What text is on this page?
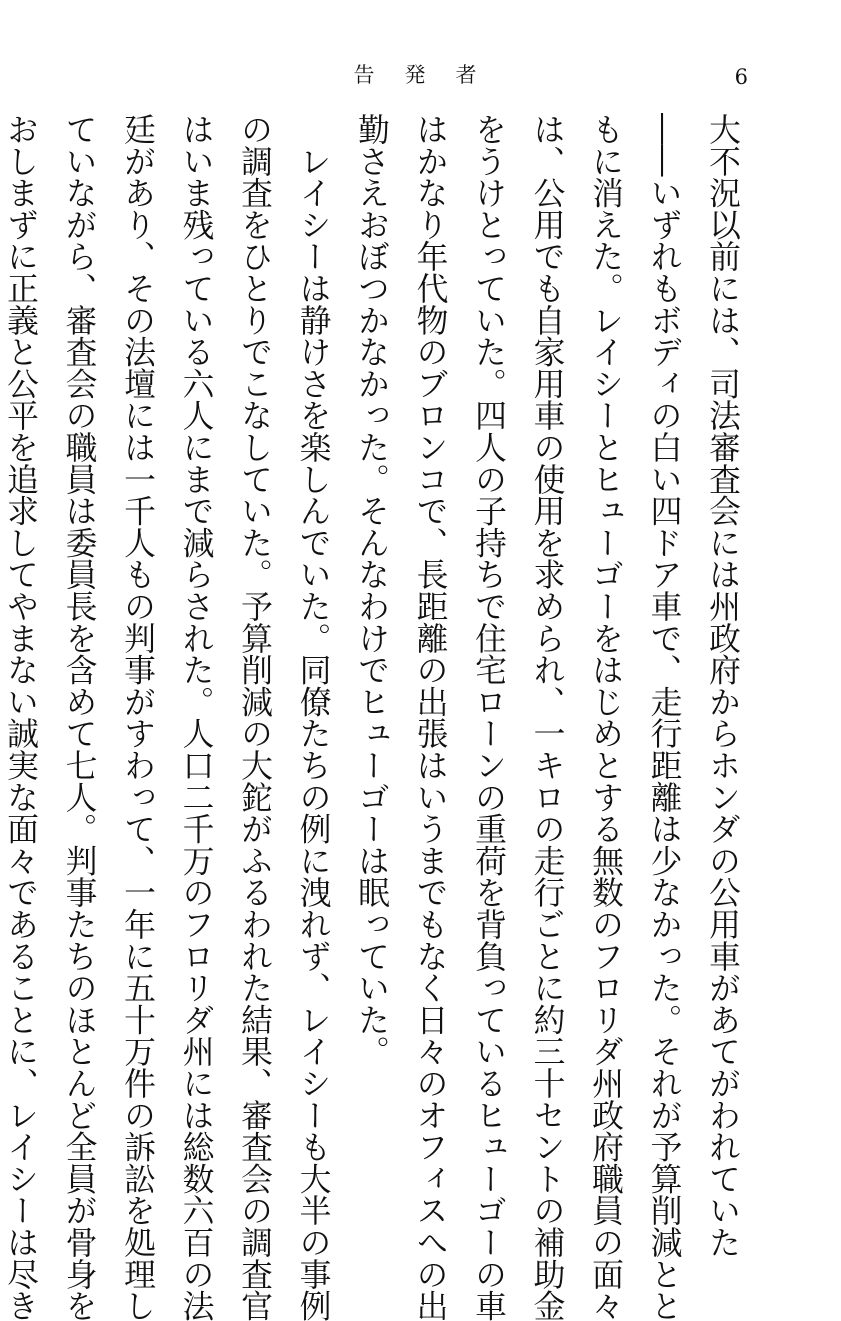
告発者	6
大不況以前には、司法審査会には州政府からホンダの公用車があてがわれていた
――いずれもボディの白い四ドア車で、走行距離は少なかった。それが予算削減とと
もに消えた。レイシーとヒューゴーをはじめとする無数のフロリダ州政府職員の面々
は、公用でも自家用車の使用を求められ、一キロの走行ごとに約三十セントの補助金
をうけとっていた。四人の子持ちで住宅ローンの重荷を背負っているヒューゴーの車
はかなり年代物のブロンコで、長距離の出張はいうまでもなく日々のオフィスへの出
勤さえおぼつかなかった。そんなわけでヒューゴーは眠っていた。
　レイシーは静けさを楽しんでいた。同僚たちの例に洩れず、レイシーも大半の事例
の調査をひとりでこなしていた。予算削減の大鉈がふるわれた結果、審査会の調査官
はいま残っている六人にまで減らされた。人口二千万のフロリダ州には総数六百の法
廷があり、その法壇には一千人もの判事がすわって、一年に五十万件の訴訟を処理し
ていながら、審査会の職員は委員長を含めて七人。判事たちのほとんど全員が骨身を
おしまずに正義と公平を追求してやまない誠実な面々であることに、レイシーは尽き
